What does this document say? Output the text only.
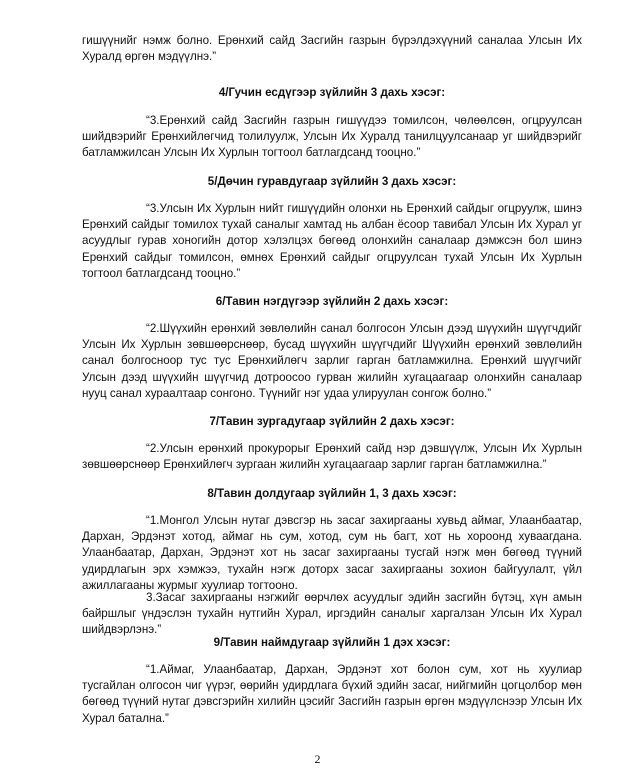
гишүүнийг нэмж болно. Ерөнхий сайд Засгийн газрын бүрэлдэхүүний саналаа Улсын Их Хуралд өргөн мэдүүлнэ.”
4/Гучин есдүгээр зүйлийн 3 дахь хэсэг:
“3.Ерөнхий сайд Засгийн газрын гишүүдээ томилсон, чөлөөлсөн, огцруулсан шийдвэрийг Ерөнхийлөгчид толилуулж, Улсын Их Хуралд танилцуулсанаар уг шийдвэрийг батламжилсан Улсын Их Хурлын тогтоол батлагдсанд тооцно.”
5/Дөчин гуравдугаар зүйлийн 3 дахь хэсэг:
“3.Улсын Их Хурлын нийт гишүүдийн олонхи нь Ерөнхий сайдыг огцруулж, шинэ Ерөнхий сайдыг томилох тухай саналыг хамтад нь албан ёсоор тавибал Улсын Их Хурал уг асуудлыг гурав хоногийн дотор хэлэлцэх бөгөөд олонхийн саналаар дэмжсэн бол шинэ Ерөнхий сайдыг томилсон, өмнөх Ерөнхий сайдыг огцруулсан тухай Улсын Их Хурлын тогтоол батлагдсанд тооцно.”
6/Тавин нэгдүгээр зүйлийн 2 дахь хэсэг:
“2.Шүүхийн ерөнхий зөвлөлийн санал болгосон Улсын дээд шүүхийн шүүгчдийг Улсын Их Хурлын зөвшөөрснөөр, бусад шүүхийн шүүгчдийг Шүүхийн ерөнхий зөвлөлийн санал болгосноор тус тус Ерөнхийлөгч зарлиг гарган батламжилна. Ерөнхий шүүгчийг Улсын дээд шүүхийн шүүгчид дотроосоо гурван жилийн хугацаагаар олонхийн саналаар нууц санал хураалтаар сонгоно. Түүнийг нэг удаа улируулан сонгож болно.”
7/Тавин зургадугаар зүйлийн 2 дахь хэсэг:
“2.Улсын ерөнхий прокурорыг Ерөнхий сайд нэр дэвшүүлж, Улсын Их Хурлын зөвшөөрснөөр Ерөнхийлөгч зургаан жилийн хугацаагаар зарлиг гарган батламжилна.”
8/Тавин долдугаар зүйлийн 1, 3 дахь хэсэг:
“1.Монгол Улсын нутаг дэвсгэр нь засаг захиргааны хувьд аймаг, Улаанбаатар, Дархан, Эрдэнэт хотод, аймаг нь сум, хотод, сум нь багт, хот нь хороонд хуваагдана. Улаанбаатар, Дархан, Эрдэнэт хот нь засаг захиргааны тусгай нэгж мөн бөгөөд түүний удирдлагын эрх хэмжээ, тухайн нэгж доторх засаг захиргааны зохион байгуулалт, үйл ажиллагааны журмыг хуулиар тогтооно.
3.Засаг захиргааны нэгжийг өөрчлөх асуудлыг эдийн засгийн бүтэц, хүн амын байршлыг үндэслэн тухайн нутгийн Хурал, иргэдийн саналыг харгалзан Улсын Их Хурал шийдвэрлэнэ.”
9/Тавин наймдугаар зүйлийн 1 дэх хэсэг:
“1.Аймаг, Улаанбаатар, Дархан, Эрдэнэт хот болон сум, хот нь хуулиар тусгайлан олгосон чиг үүрэг, өөрийн удирдлага бүхий эдийн засаг, нийгмийн цогцолбор мөн бөгөөд түүний нутаг дэвсгэрийн хилийн цэсийг Засгийн газрын өргөн мэдүүлснээр Улсын Их Хурал батална.”
2
